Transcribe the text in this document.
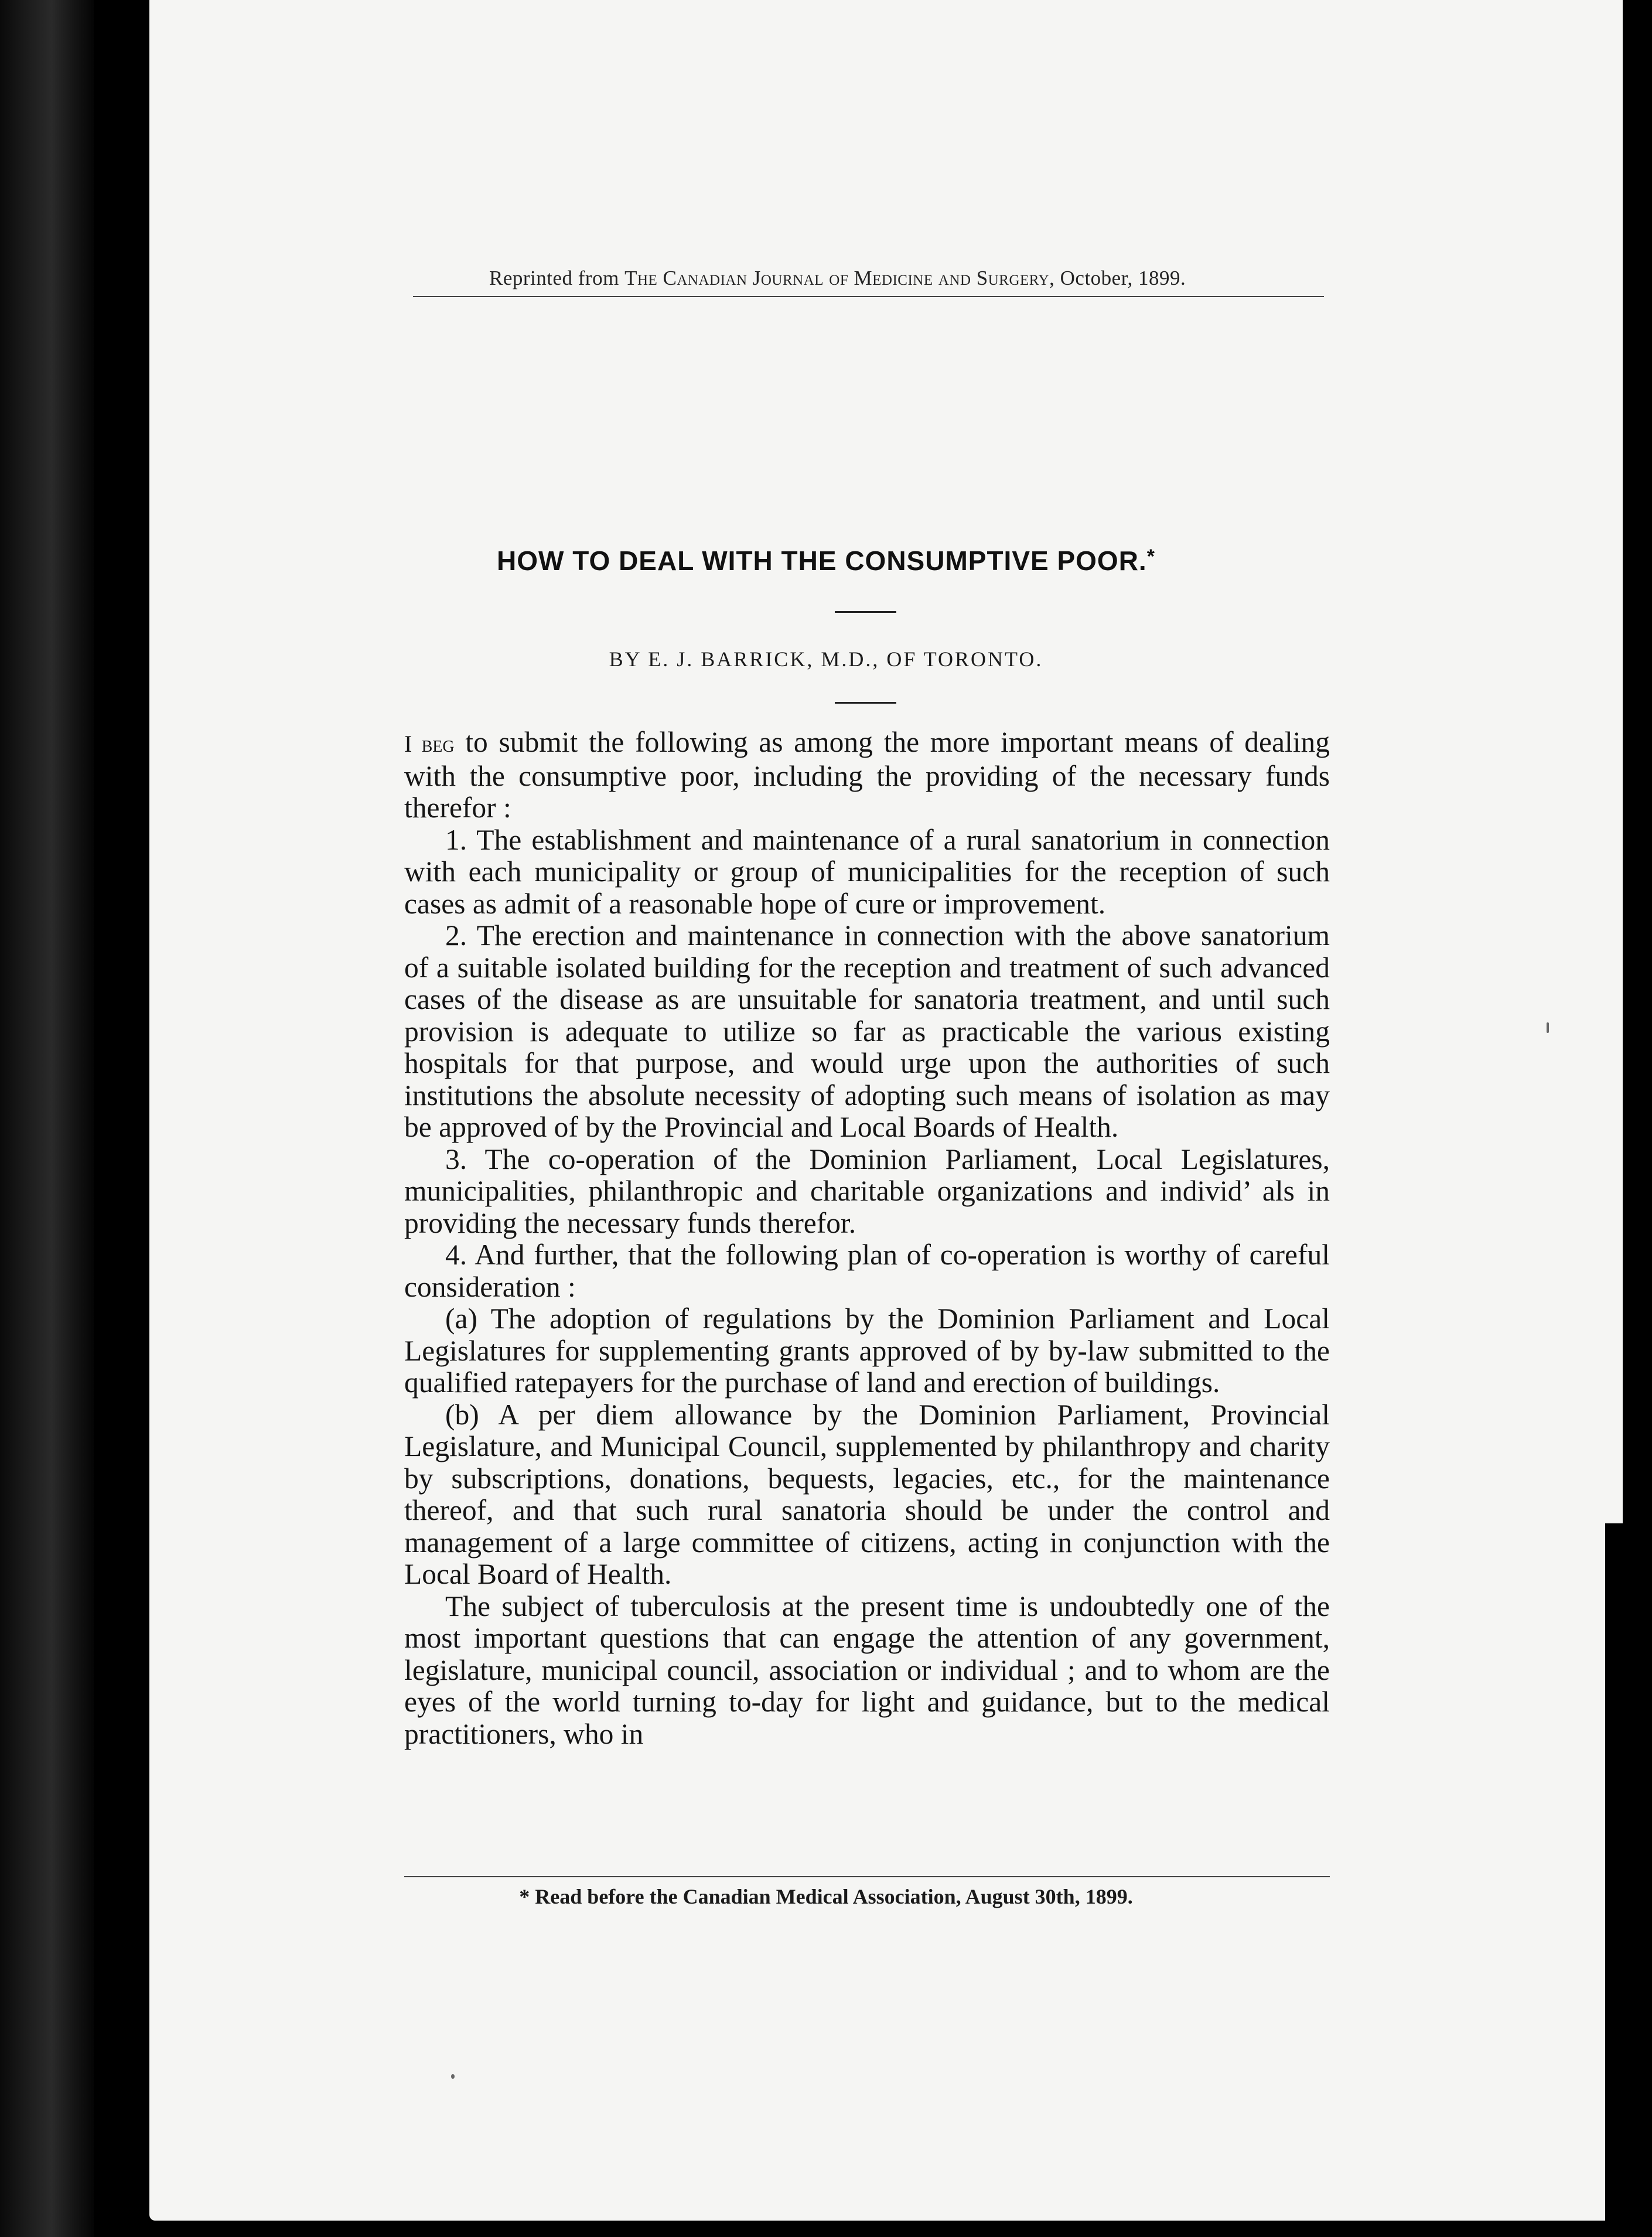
Reprinted from The Canadian Journal of Medicine and Surgery, October, 1899.
HOW TO DEAL WITH THE CONSUMPTIVE POOR.*
BY E. J. BARRICK, M.D., OF TORONTO.

I beg to submit the following as among the more important means of dealing with the consumptive poor, including the providing of the necessary funds therefor :

1. The establishment and maintenance of a rural sanatorium in connection with each municipality or group of municipalities for the reception of such cases as admit of a reasonable hope of cure or improvement.

2. The erection and maintenance in connection with the above sanatorium of a suitable isolated building for the reception and treatment of such advanced cases of the disease as are unsuitable for sanatoria treatment, and until such provision is adequate to utilize so far as practicable the various existing hospitals for that purpose, and would urge upon the authorities of such institutions the absolute necessity of adopting such means of isolation as may be approved of by the Provincial and Local Boards of Health.

3. The co-operation of the Dominion Parliament, Local Legislatures, municipalities, philanthropic and charitable organizations and individ’ als in providing the necessary funds therefor.

4. And further, that the following plan of co-operation is worthy of careful consideration :

(a) The adoption of regulations by the Dominion Parliament and Local Legislatures for supplementing grants approved of by by-law submitted to the qualified ratepayers for the purchase of land and erection of buildings.

(b) A per diem allowance by the Dominion Parliament, Provincial Legislature, and Municipal Council, supplemented by philanthropy and charity by subscriptions, donations, bequests, legacies, etc., for the maintenance thereof, and that such rural sanatoria should be under the control and management of a large committee of citizens, acting in conjunction with the Local Board of Health.

The subject of tuberculosis at the present time is undoubtedly one of the most important questions that can engage the attention of any government, legislature, municipal council, association or individual ; and to whom are the eyes of the world turning to-day for light and guidance, but to the medical practitioners, who in

* Read before the Canadian Medical Association, August 30th, 1899.
